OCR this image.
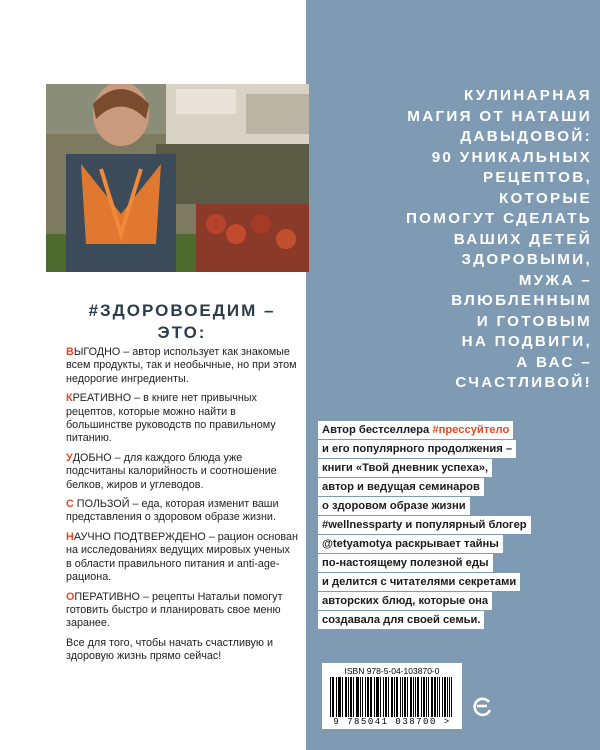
#ЗДОРОВОЕДИМ –
ЭТО:
ВЫГОДНО – автор использует как знакомые всем продукты, так и необычные, но при этом недорогие ингредиенты.
КРЕАТИВНО – в книге нет привычных рецептов, которые можно найти в большинстве руководств по правильному питанию.
УДОБНО – для каждого блюда уже подсчитаны калорийность и соотношение белков, жиров и углеводов.
С ПОЛЬЗОЙ – еда, которая изменит ваши представления о здоровом образе жизни.
НАУЧНО ПОДТВЕРЖДЕНО – рацион основан на исследованиях ведущих мировых ученых в области правильного питания и anti-age-рациона.
ОПЕРАТИВНО – рецепты Натальи помогут готовить быстро и планировать свое меню заранее.
Все для того, чтобы начать счастливую и здоровую жизнь прямо сейчас!
КУЛИНАРНАЯ
МАГИЯ ОТ НАТАШИ
ДАВЫДОВОЙ:
90 УНИКАЛЬНЫХ
РЕЦЕПТОВ,
КОТОРЫЕ
ПОМОГУТ СДЕЛАТЬ
ВАШИХ ДЕТЕЙ
ЗДОРОВЫМИ,
МУЖА –
ВЛЮБЛЕННЫМ
И ГОТОВЫМ
НА ПОДВИГИ,
А ВАС –
СЧАСТЛИВОЙ!
Автор бестселлера #прессуйтело
и его популярного продолжения –
книги «Твой дневник успеха»,
автор и ведущая семинаров
о здоровом образе жизни
#wellnessparty и популярный блогер
@tetyamotya раскрывает тайны
по-настоящему полезной еды
и делится с читателями секретами
авторских блюд, которые она
создавала для своей семьи.
ISBN 978-5-04-103870-0
9 785041 038700 >
